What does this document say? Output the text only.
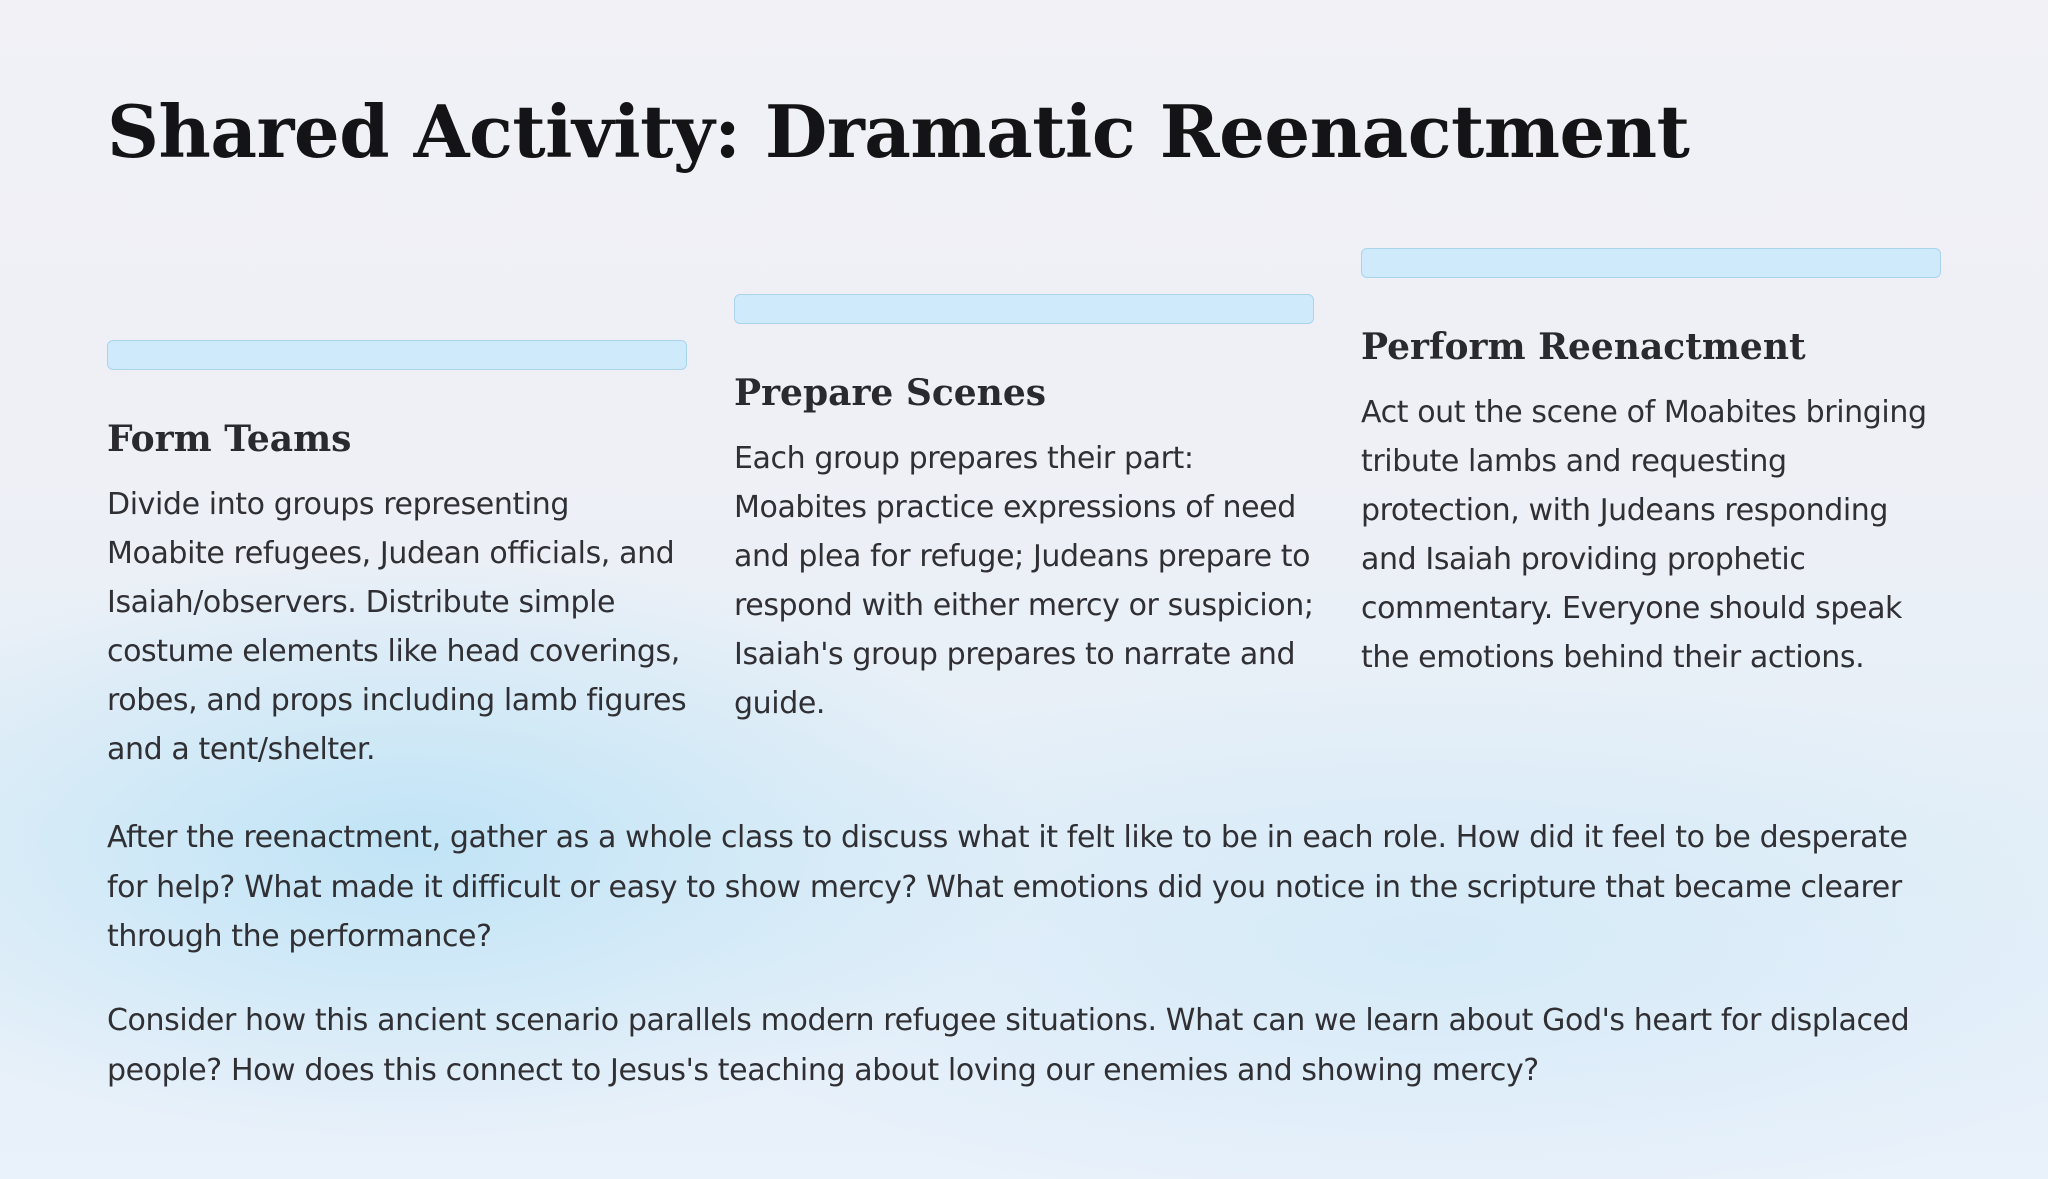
Shared Activity: Dramatic Reenactment
Form Teams

Divide into groups representing Moabite refugees, Judean officials, and Isaiah/observers. Distribute simple costume elements like head coverings, robes, and props including lamb figures and a tent/shelter.

Prepare Scenes

Each group prepares their part: Moabites practice expressions of need and plea for refuge; Judeans prepare to respond with either mercy or suspicion; Isaiah's group prepares to narrate and guide.

Perform Reenactment

Act out the scene of Moabites bringing tribute lambs and requesting protection, with Judeans responding and Isaiah providing prophetic commentary. Everyone should speak the emotions behind their actions.

After the reenactment, gather as a whole class to discuss what it felt like to be in each role. How did it feel to be desperate for help? What made it difficult or easy to show mercy? What emotions did you notice in the scripture that became clearer through the performance?

Consider how this ancient scenario parallels modern refugee situations. What can we learn about God's heart for displaced people? How does this connect to Jesus's teaching about loving our enemies and showing mercy?
